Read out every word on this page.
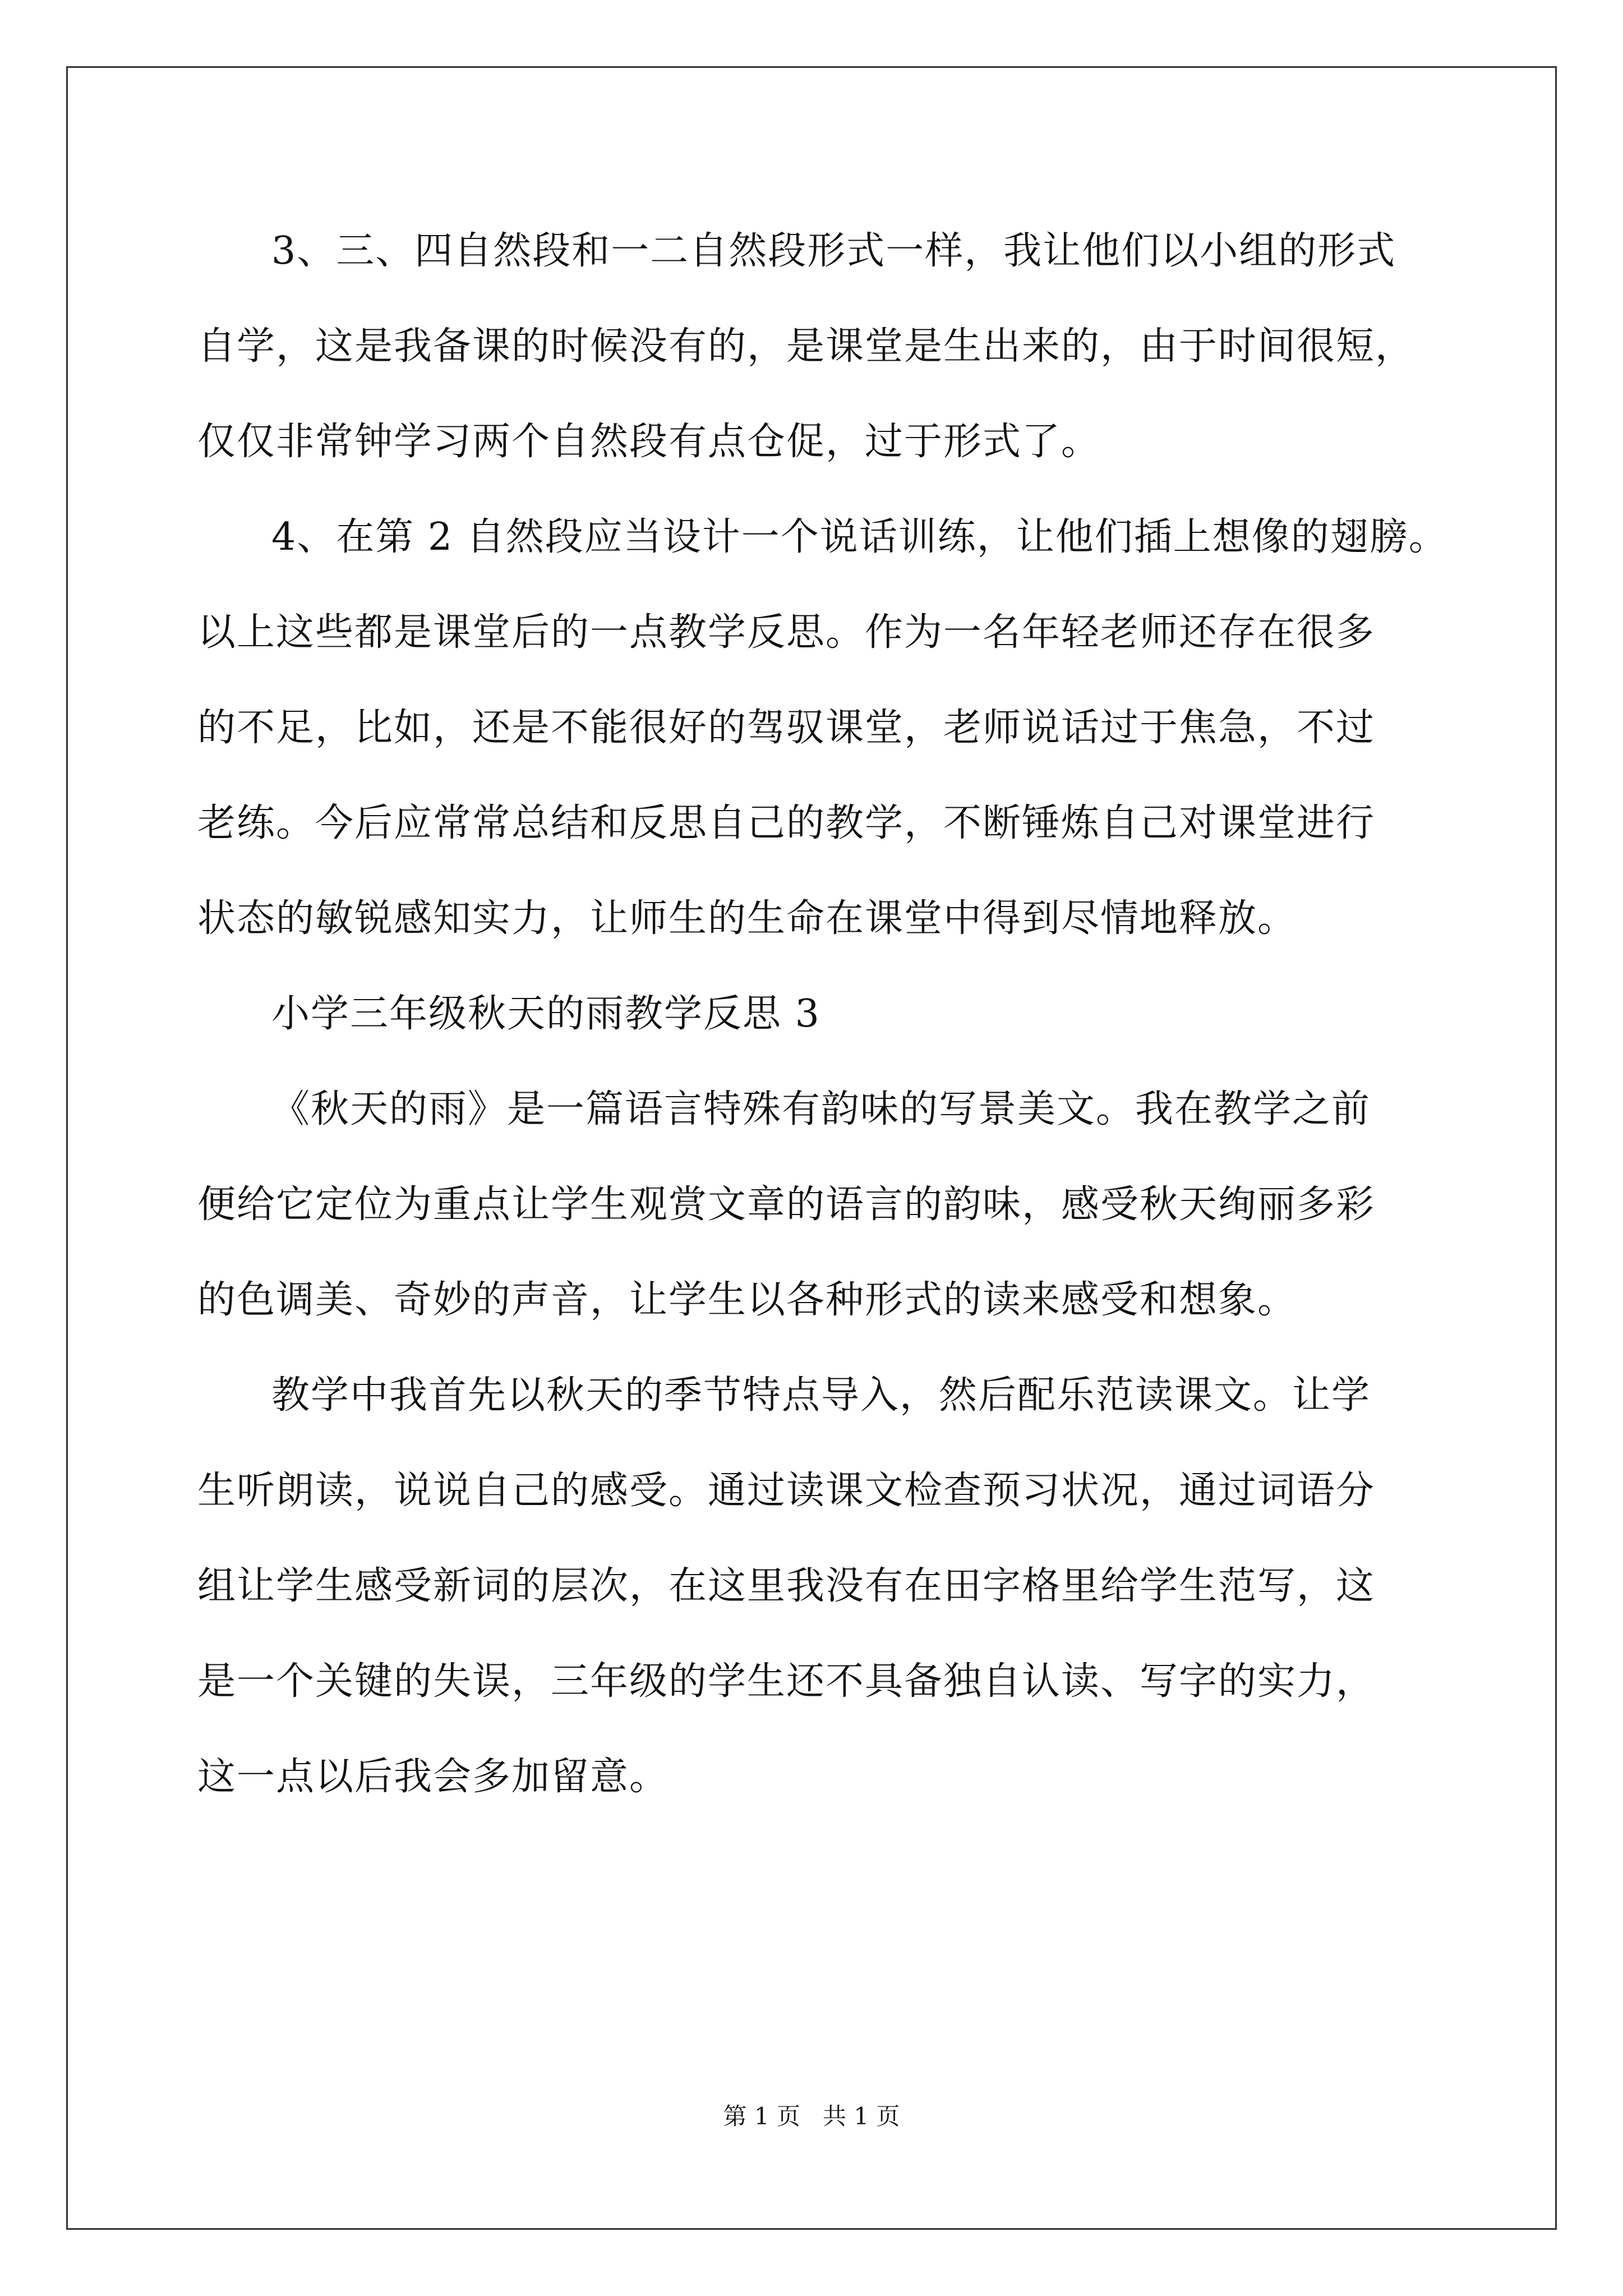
3、三、四自然段和一二自然段形式一样，我让他们以小组的形式
自学，这是我备课的时候没有的，是课堂是生出来的，由于时间很短，
仅仅非常钟学习两个自然段有点仓促，过于形式了。
4、在第 2 自然段应当设计一个说话训练，让他们插上想像的翅膀。
以上这些都是课堂后的一点教学反思。作为一名年轻老师还存在很多
的不足，比如，还是不能很好的驾驭课堂，老师说话过于焦急，不过
老练。今后应常常总结和反思自己的教学，不断锤炼自己对课堂进行
状态的敏锐感知实力，让师生的生命在课堂中得到尽情地释放。
小学三年级秋天的雨教学反思 3
《秋天的雨》是一篇语言特殊有韵味的写景美文。我在教学之前
便给它定位为重点让学生观赏文章的语言的韵味，感受秋天绚丽多彩
的色调美、奇妙的声音，让学生以各种形式的读来感受和想象。
教学中我首先以秋天的季节特点导入，然后配乐范读课文。让学
生听朗读，说说自己的感受。通过读课文检查预习状况，通过词语分
组让学生感受新词的层次，在这里我没有在田字格里给学生范写，这
是一个关键的失误，三年级的学生还不具备独自认读、写字的实力，
这一点以后我会多加留意。
第 1 页   共 1 页
